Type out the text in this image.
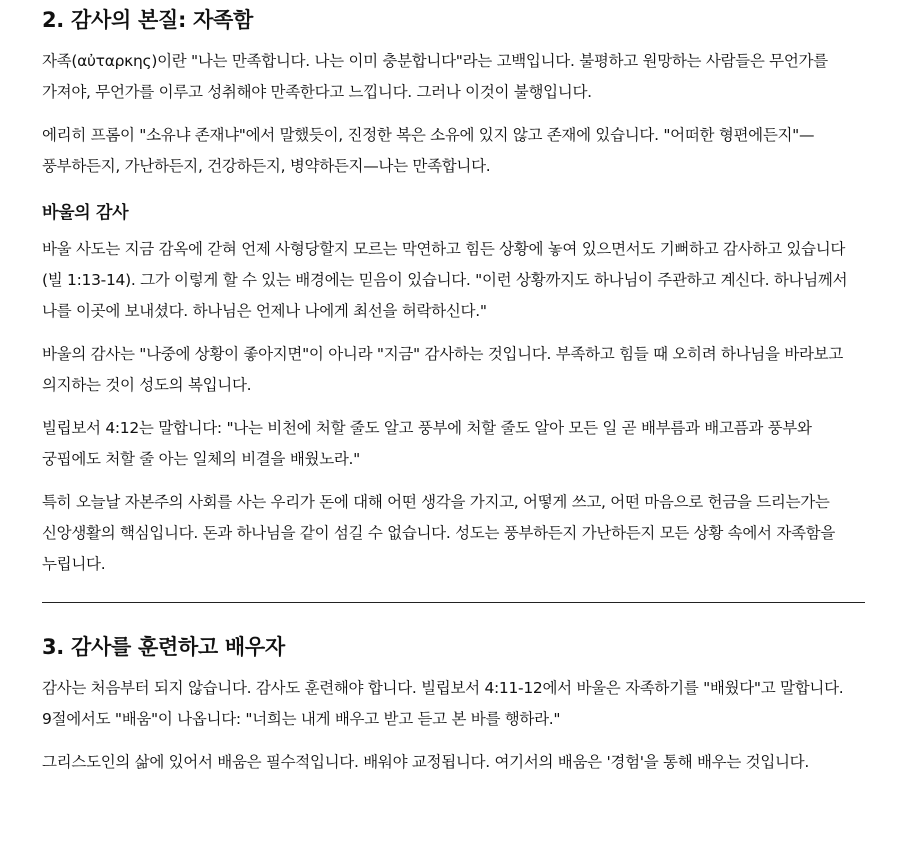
2. 감사의 본질: 자족함

자족(αὐταρκης)이란 "나는 만족합니다. 나는 이미 충분합니다"라는 고백입니다. 불평하고 원망하는 사람들은 무언가를 가져야, 무언가를 이루고 성취해야 만족한다고 느낍니다. 그러나 이것이 불행입니다.

에리히 프롬이 "소유냐 존재냐"에서 말했듯이, 진정한 복은 소유에 있지 않고 존재에 있습니다. "어떠한 형편에든지"—풍부하든지, 가난하든지, 건강하든지, 병약하든지—나는 만족합니다.

바울의 감사

바울 사도는 지금 감옥에 갇혀 언제 사형당할지 모르는 막연하고 힘든 상황에 놓여 있으면서도 기뻐하고 감사하고 있습니다(빌 1:13-14). 그가 이렇게 할 수 있는 배경에는 믿음이 있습니다. "이런 상황까지도 하나님이 주관하고 계신다. 하나님께서 나를 이곳에 보내셨다. 하나님은 언제나 나에게 최선을 허락하신다."

바울의 감사는 "나중에 상황이 좋아지면"이 아니라 "지금" 감사하는 것입니다. 부족하고 힘들 때 오히려 하나님을 바라보고 의지하는 것이 성도의 복입니다.

빌립보서 4:12는 말합니다: "나는 비천에 처할 줄도 알고 풍부에 처할 줄도 알아 모든 일 곧 배부름과 배고픔과 풍부와 궁핍에도 처할 줄 아는 일체의 비결을 배웠노라."

특히 오늘날 자본주의 사회를 사는 우리가 돈에 대해 어떤 생각을 가지고, 어떻게 쓰고, 어떤 마음으로 헌금을 드리는가는 신앙생활의 핵심입니다. 돈과 하나님을 같이 섬길 수 없습니다. 성도는 풍부하든지 가난하든지 모든 상황 속에서 자족함을 누립니다.

3. 감사를 훈련하고 배우자

감사는 처음부터 되지 않습니다. 감사도 훈련해야 합니다. 빌립보서 4:11-12에서 바울은 자족하기를 "배웠다"고 말합니다. 9절에서도 "배움"이 나옵니다: "너희는 내게 배우고 받고 듣고 본 바를 행하라."

그리스도인의 삶에 있어서 배움은 필수적입니다. 배워야 교정됩니다. 여기서의 배움은 '경험'을 통해 배우는 것입니다.
